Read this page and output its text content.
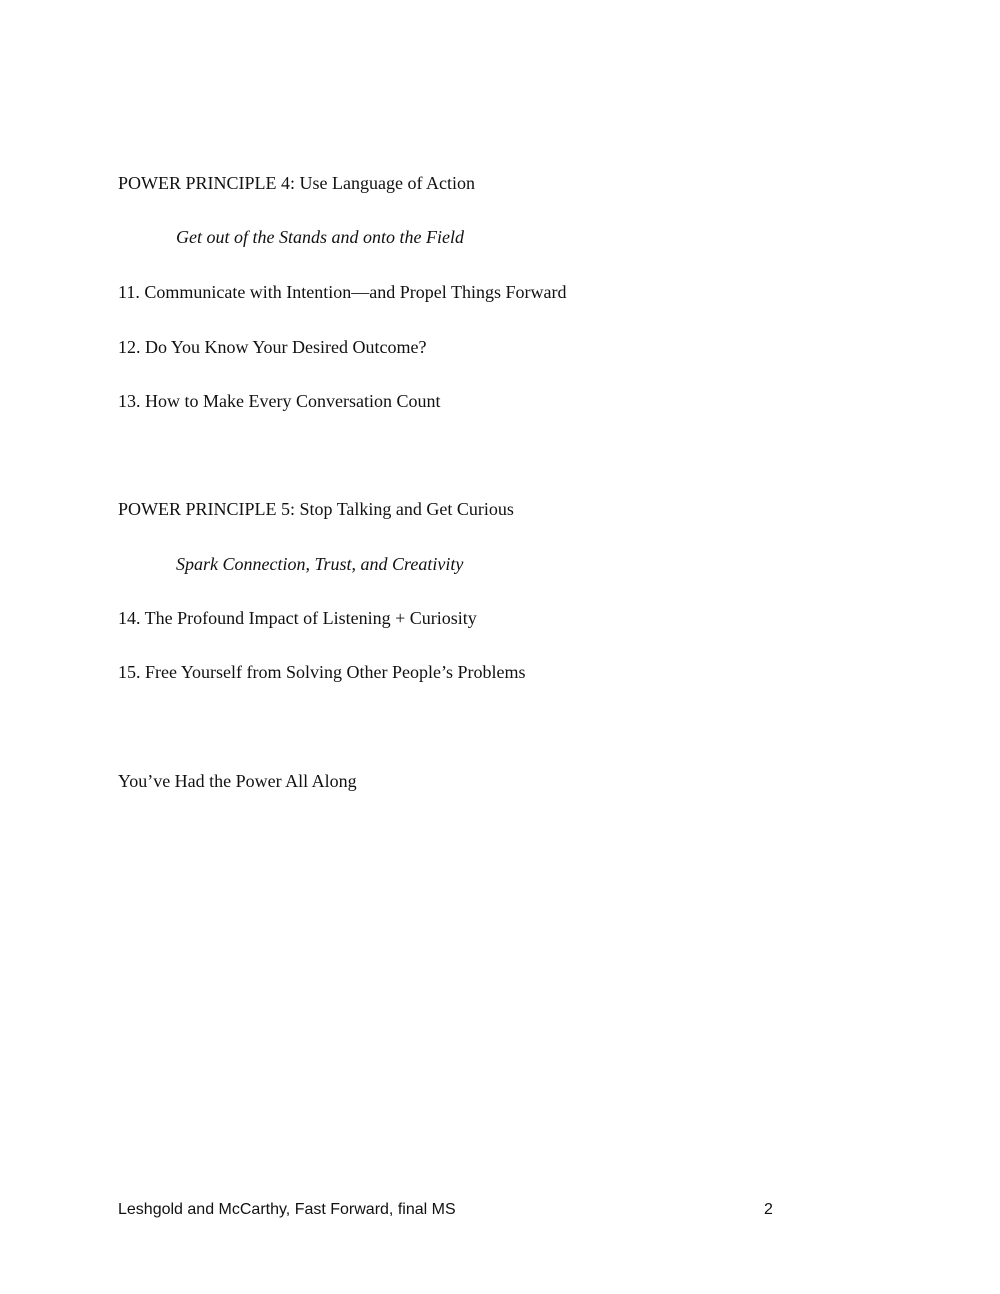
POWER PRINCIPLE 4: Use Language of Action
Get out of the Stands and onto the Field
11. Communicate with Intention—and Propel Things Forward
12. Do You Know Your Desired Outcome?
13. How to Make Every Conversation Count
POWER PRINCIPLE 5: Stop Talking and Get Curious
Spark Connection, Trust, and Creativity
14. The Profound Impact of Listening + Curiosity
15. Free Yourself from Solving Other People’s Problems
You’ve Had the Power All Along
Leshgold and McCarthy, Fast Forward, final MS	2
